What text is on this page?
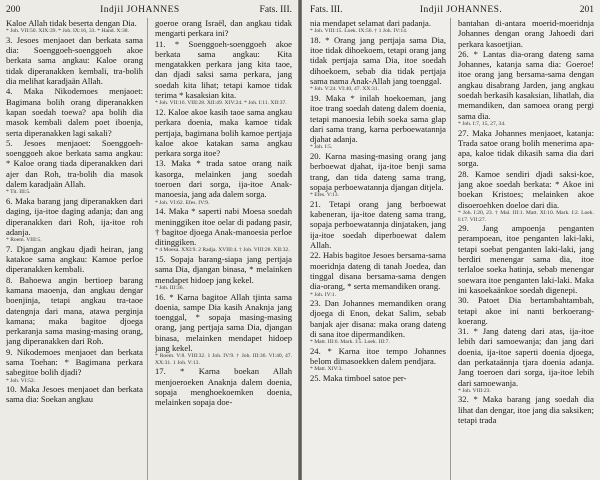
200	Indjil JOHANNES	Fats. III.

Kaloe Allah tidak beserta dengan Dia.

* Joh. VII:50. XIX:39. * Joh. IX:16, 33. * Hand. X:38.

3. Jesoes menjaoet dan berkata sama dia: Soenggoeh-soenggoeh akoe berkata sama angkau: Kaloe orang tidak diperanakken kembali, tra-bolih dia melihat karadjaän Allah.

4. Maka Nikodemoes menjaoet: Bagimana bolih orang diperanakken kapan soedah toewa? apa bolih dia masok kembali dalem poet iboenja, serta diperanakken lagi sakali?

5. Jesoes menjaoet: Soenggoeh-soenggoeh akoe berkata sama angkau: * Kaloe orang tiada diperanakken dari ajer dan Roh, tra-bolih dia masok dalem karadjaän Allah.

* Tit. III:5.

6. Maka barang jang diperanakken dari daging, ija-itoe daging adanja; dan ang diperanakken dari Roh, ija-itoe roh adanja.

* Roem. VIII:5.

7. Djangan angkau djadi heiran, jang katakoe sama angkau: Kamoe perloe diperanakken kembali.

8. Bahoewa angin bertioep barang kamana maoenja, dan angkau dengar boenjinja, tetapi angkau tra-taoe datengnja dari mana, atawa perginja kamana; maka bagitoe djoega perkaranja sama masing-masing orang, jang diperanakken dari Roh.

9. Nikodemoes menjaoet dan berkata sama Toehan: * Bagimana perkara sabegitoe bolih djadi?

* Joh. VI:52.

10. Maka Jesoes menjaoet dan berkata sama dia: Soekan angkau

goeroe orang Israël, dan angkau tidak mengarti perkara ini?

11. * Soenggoeh-soenggoeh akoe berkata sama angkau: Kita mengatakken perkara jang kita taoe, dan djadi saksi sama perkara, jang soedah kita lihat; tetapi kamoe tidak terima * kasaksian kita.

* Joh. VII:16. VIII:28. XII:49. XIV:24. * Joh. I:11. XII:37.

12. Kaloe akoe kasih taoe sama angkau perkara doenia, maka kamoe tidak pertjaja, bagimana bolih kamoe pertjaja kaloe akoe katakan sama angkau perkara sorga itoe?

13. Maka * trada satoe orang naik kasorga, melainken jang soedah toeroen dari sorga, ija-itoe Anak-manoesia, jang ada dalem sorga.

* Joh. VI:62. Efes. IV:9.

14. Maka * saperti nabi Moesa soedah meninggiken itoe oelar di padang pasir, † bagitoe djoega Anak-manoesia perloe ditinggiken.

* 4 Moesa. XXI:9. 2 Radja. XVIII:4. † Joh. VIII:28. XII:32.

15. Sopaja barang-siapa jang pertjaja sama Dia, djangan binasa, * melainken mendapet hidoep jang kekel.

* Joh. III:36.

16. * Karna bagitoe Allah tjinta sama doenia, sampe Dia kasih Anaknja jang toenggal, * sopaja masing-masing orang, jang pertjaja sama Dia, djangan binasa, melainken mendapet hidoep jang kekel.

* Roem. V:8. VIII:32. 1 Joh. IV:9. † Joh. III:36. VI:40, 47. XX:31. 1 Joh. V:13.

17. * Karna boekan Allah menjoeroeken Anaknja dalem doenia, sopaja menghoekoemken doenia, melainken sopaja doe-

Fats. III.	Indjil JOHANNES.	201

nia mendapet selamat dari padanja.

* Joh. VIII:15. Loek. IX:56. † 1 Joh. IV:14.

18. * Orang jang pertjaja sama Dia, itoe tidak dihoekoem, tetapi orang jang tidak pertjaja sama Dia, itoe soedah dihoekoem, sebab dia tidak pertjaja sama nama Anak-Allah jang toenggal.

* Joh. V:24. VI:40, 47. XX:31.

19. Maka * inilah hoekoeman, jang itoe trang soedah dateng dalem doenia, tetapi manoesia lebih soeka sama glap dari sama trang, karna perboewatannja djahat adanja.

* Joh. I:5.

20. Karna masing-masing orang jang berboewat djahat, ija-itoe benji sama trang, dan tida dateng sama trang, sopaja perboewatannja djangan ditjela.

* Efes. V:13.

21. Tetapi orang jang berboewat kabeneran, ija-itoe dateng sama trang, sopaja perboewatannja dinjataken, jang ija-itoe soedah diperboewat dalem Allah.

22. Habis bagitoe Jesoes bersama-sama moeridnja dateng di tanah Joedea, dan tinggal disana bersama-sama dengen dia-orang, * serta memandiken orang.

* Joh. IV:1.

23. Dan Johannes memandiken orang djoega di Enon, dekat Salim, sebab banjak ajer disana: maka orang dateng di sana itoe dipermandiken.

* Matt. III:6. Mark. I:5. Loek. III:7.

24. * Karna itoe tempo Johannes belom dimasoekken dalem pendjara.

* Matt. XIV:3.

25. Maka timboel satoe per-

bantahan di-antara moerid-moeridnja Johannes dengan orang Jahoedi dari perkara kasoetjian.

26. * Lantas dia-orang dateng sama Johannes, katanja sama dia: Goeroe! itoe orang jang bersama-sama dengan angkau disabrang Jarden, jang angkau soedah berkasih kasaksian, lihatlah, dia memandiken, dan samoea orang pergi sama dia.

* Joh. I:7, 15, 27, 34.

27. Maka Johannes menjaoet, katanja: Trada satoe orang bolih menerima apa-apa, kaloe tidak dikasih sama dia dari sorga.

28. Kamoe sendiri djadi saksi-koe, jang akoe soedah berkata: * Akoe ini boekan Kristoes; melainken akoe disoeroehken doeloe dari dia.

* Joh. I:20, 23. † Mal. III:1. Matt. XI:10. Mark. I:2. Loek. I:17. VII:27.

29. Jang ampoenja penganten perampoean, itoe penganten laki-laki, tetapi soebat penganten laki-laki, jang berdiri menengar sama dia, itoe terlaloe soeka hatinja, sebab menengar soewara itoe penganten laki-laki. Maka ini kasoekaänkoe soedah digenepi.

30. Patoet Dia bertambahtambah, tetapi akoe ini nanti berkoerang-koerang.

31. * Jang dateng dari atas, ija-itoe lebih dari samoewanja; dan jang dari doenia, ija-itoe saperti doenia djoega, dan perkataännja tjara doenia adanja. Jang toeroen dari sorga, ija-itoe lebih dari samoewanja.

* Joh. VIII:23.

32. * Maka barang jang soedah dia lihat dan dengar, itoe jang dia saksiken; tetapi trada
